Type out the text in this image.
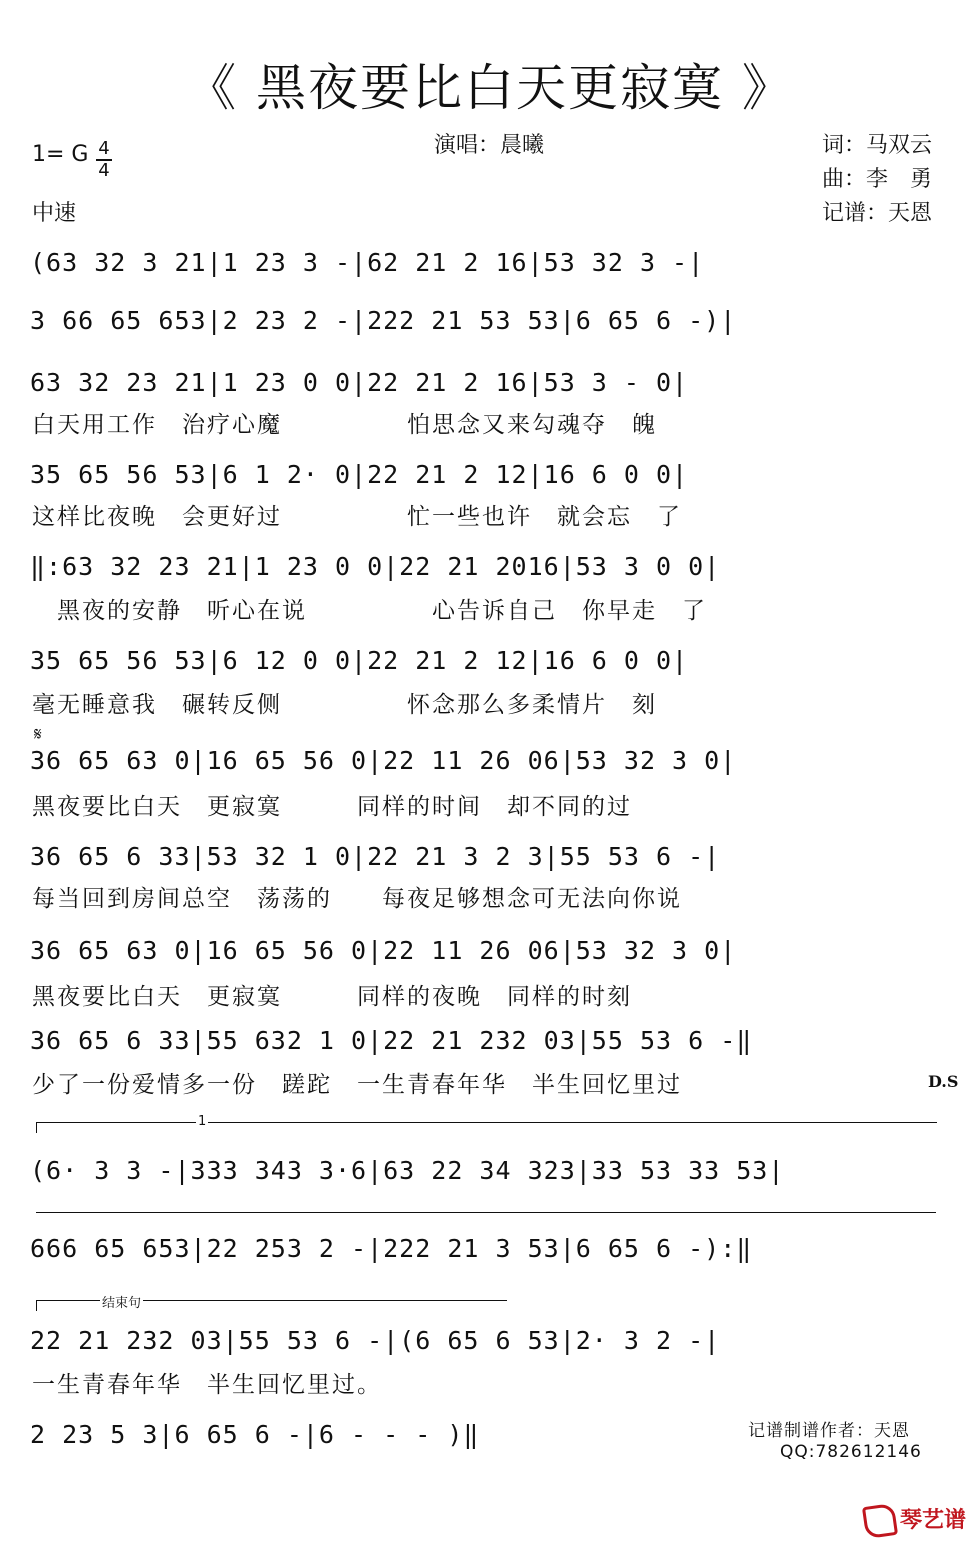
《 黑夜要比白天更寂寞 》
1= G 4
4
中速
演唱：晨曦	词：马双云
曲：李　勇
记谱：天恩
(63 32 3 21|1 23 3 -|62 21 2 16|53 32 3 -|
3 66 65 653|2 23 2 -|222 21 53 53|6 65 6 -)|
63 32 23 21|1 23 0 0|22 21 2 16|53 3 - 0|
白天用工作　治疗心魔　　　　　怕思念又来勾魂夺　魄
35 65 56 53|6 1 2· 0|22 21 2 12|16 6 0 0|
这样比夜晚　会更好过　　　　　忙一些也许　就会忘　了
‖:63 32 23 21|1 23 0 0|22 21 2016|53 3 0 0|
　黑夜的安静　听心在说　　　　　心告诉自己　你早走　了
35 65 56 53|6 12 0 0|22 21 2 12|16 6 0 0|
毫无睡意我　碾转反侧　　　　　怀念那么多柔情片　刻
𝄋
36 65 63 0|16 65 56 0|22 11 26 06|53 32 3 0|
黑夜要比白天　更寂寞　　　同样的时间　却不同的过
36 65 6 33|53 32 1 0|22 21 3 2 3|55 53 6 -|
每当回到房间总空　荡荡的　　每夜足够想念可无法向你说
36 65 63 0|16 65 56 0|22 11 26 06|53 32 3 0|
黑夜要比白天　更寂寞　　　同样的夜晚　同样的时刻
36 65 6 33|55 632 1 0|22 21 232 03|55 53 6 -‖
少了一份爱情多一份　蹉跎　一生青春年华　半生回忆里过	D.S
1
(6· 3 3 -|333 343 3·6|63 22 34 323|33 53 33 53|
666 65 653|22 253 2 -|222 21 3 53|6 65 6 -):‖
结束句
22 21 232 03|55 53 6 -|(6 65 6 53|2· 3 2 -|
一生青春年华　半生回忆里过。
2 23 5 3|6 65 6 -|6 - - - )‖	记谱制谱作者：天恩
QQ:782612146
琴艺谱
